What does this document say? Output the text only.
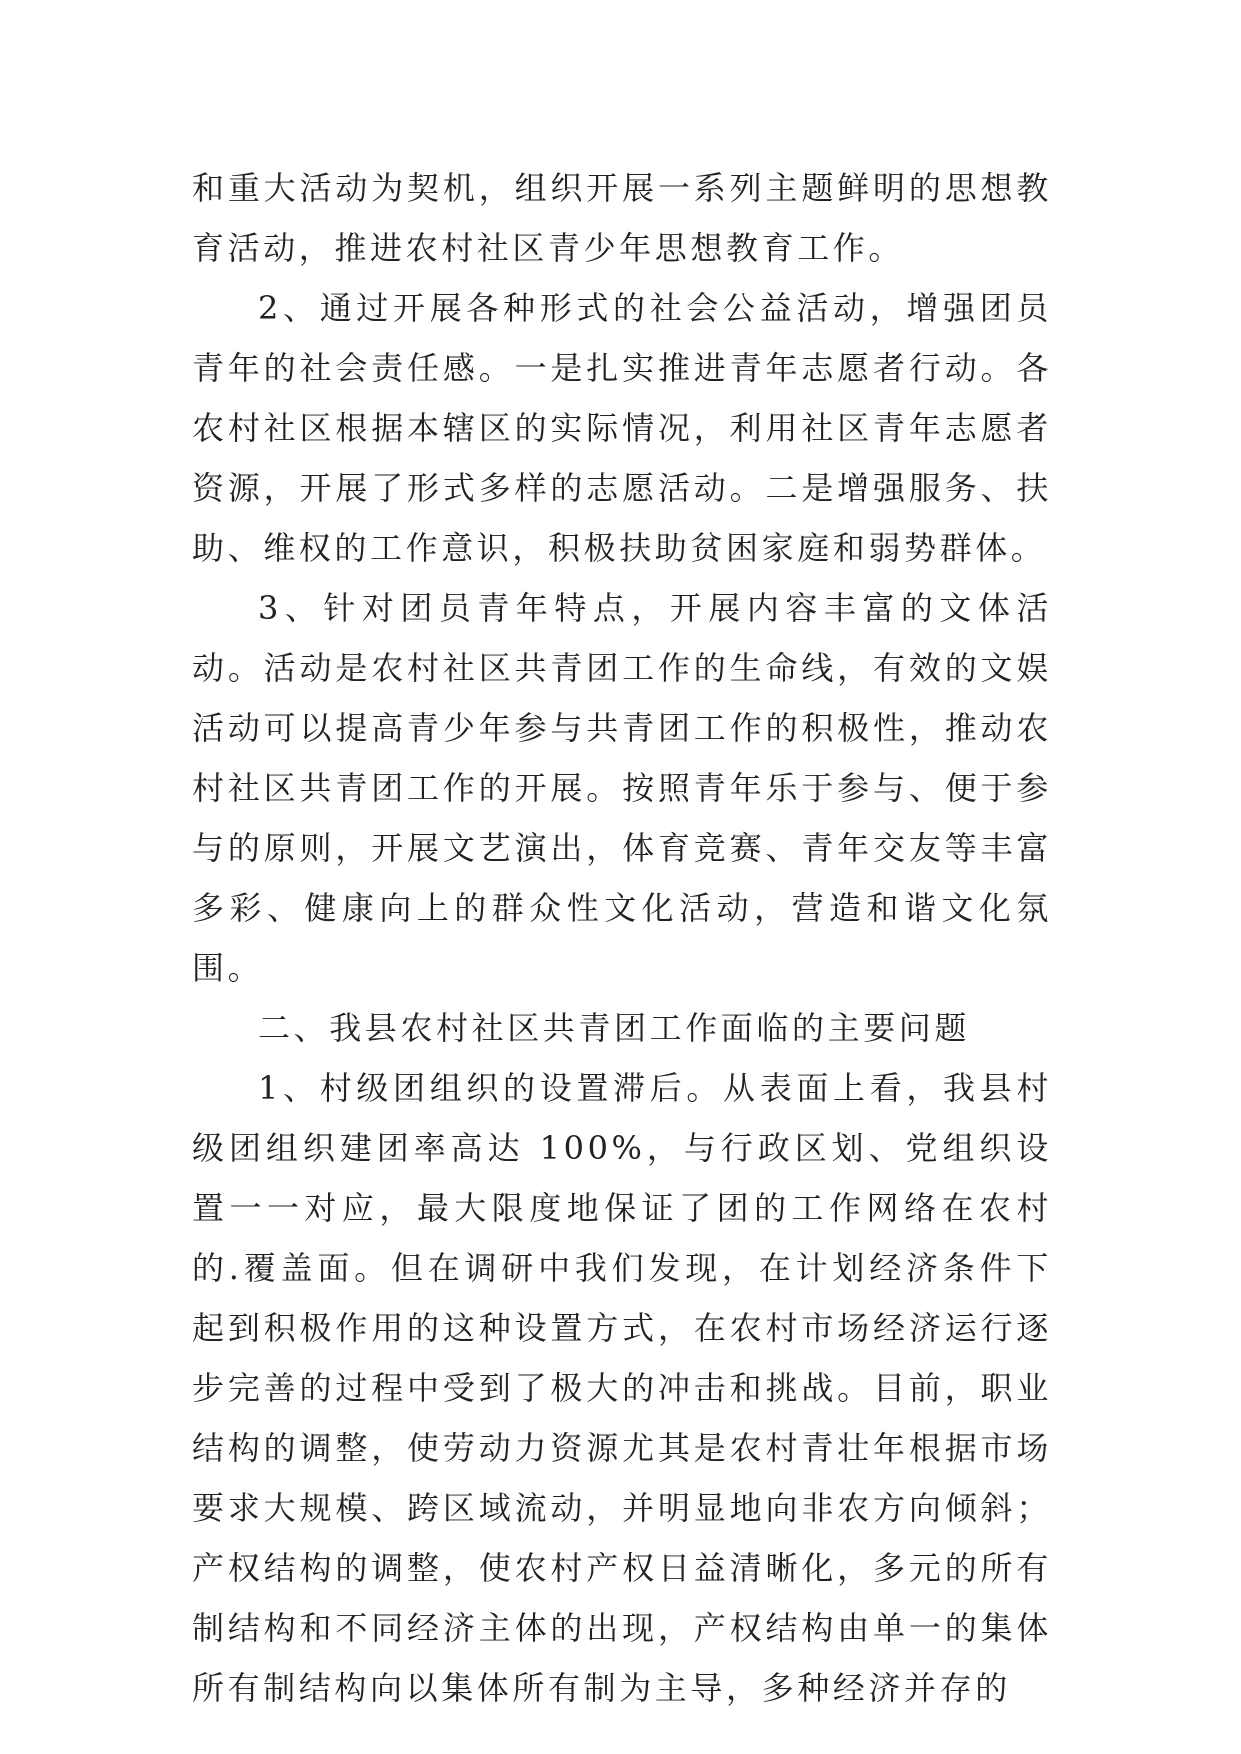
和重大活动为契机，组织开展一系列主题鲜明的思想教育活动，推进农村社区青少年思想教育工作。

2、通过开展各种形式的社会公益活动，增强团员青年的社会责任感。一是扎实推进青年志愿者行动。各农村社区根据本辖区的实际情况，利用社区青年志愿者资源，开展了形式多样的志愿活动。二是增强服务、扶助、维权的工作意识，积极扶助贫困家庭和弱势群体。

3、针对团员青年特点，开展内容丰富的文体活动。活动是农村社区共青团工作的生命线，有效的文娱活动可以提高青少年参与共青团工作的积极性，推动农村社区共青团工作的开展。按照青年乐于参与、便于参与的原则，开展文艺演出，体育竞赛、青年交友等丰富多彩、健康向上的群众性文化活动，营造和谐文化氛围。

二、我县农村社区共青团工作面临的主要问题

1、村级团组织的设置滞后。从表面上看，我县村级团组织建团率高达 100%，与行政区划、党组织设置一一对应，最大限度地保证了团的工作网络在农村的.覆盖面。但在调研中我们发现，在计划经济条件下起到积极作用的这种设置方式，在农村市场经济运行逐步完善的过程中受到了极大的冲击和挑战。目前，职业结构的调整，使劳动力资源尤其是农村青壮年根据市场要求大规模、跨区域流动，并明显地向非农方向倾斜；产权结构的调整，使农村产权日益清晰化，多元的所有制结构和不同经济主体的出现，产权结构由单一的集体所有制结构向以集体所有制为主导，多种经济并存的
